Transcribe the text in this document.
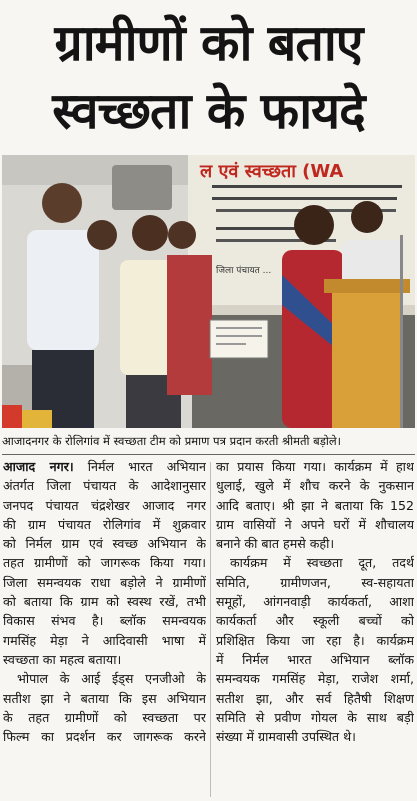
ग्रामीणों को बताए
स्वच्छता के फायदे
ल एवं स्वच्छता (WA
जिला पंचायत ...
आजादनगर के रोलिगांव में स्वच्छता टीम को प्रमाण पत्र प्रदान करती श्रीमती बड़ोले।

आजाद नगर। निर्मल भारत अभियान
अंतर्गत जिला पंचायत के आदेशानुसार
जनपद पंचायत चंद्रशेखर आजाद नगर
की ग्राम पंचायत रोलिगांव में शुक्रवार
को निर्मल ग्राम एवं स्वच्छ अभियान के
तहत ग्रामीणों को जागरूक किया गया।
जिला समन्वयक राधा बड़ोले ने ग्रामीणों
को बताया कि ग्राम को स्वस्थ रखें, तभी
विकास संभव है। ब्लॉक समन्वयक
गमसिंह मेड़ा ने आदिवासी भाषा में
स्वच्छता का महत्व बताया।

भोपाल के आई ईड्स एनजीओ के
सतीश झा ने बताया कि इस अभियान
के तहत ग्रामीणों को स्वच्छता पर
फिल्म का प्रदर्शन कर जागरूक करने

का प्रयास किया गया। कार्यक्रम में हाथ
धुलाई, खुले में शौच करने के नुकसान
आदि बताए। श्री झा ने बताया कि 152
ग्राम वासियों ने अपने घरों में शौचालय
बनाने की बात हमसे कही।

कार्यक्रम में स्वच्छता दूत, तदर्थ
समिति, ग्रामीणजन, स्व-सहायता
समूहों, आंगनवाड़ी कार्यकर्ता, आशा
कार्यकर्ता और स्कूली बच्चों को
प्रशिक्षित किया जा रहा है। कार्यक्रम
में निर्मल भारत अभियान ब्लॉक
समन्वयक गमसिंह मेड़ा, राजेश शर्मा,
सतीश झा, और सर्व हितैषी शिक्षण
समिति से प्रवीण गोयल के साथ बड़ी
संख्या में ग्रामवासी उपस्थित थे।
